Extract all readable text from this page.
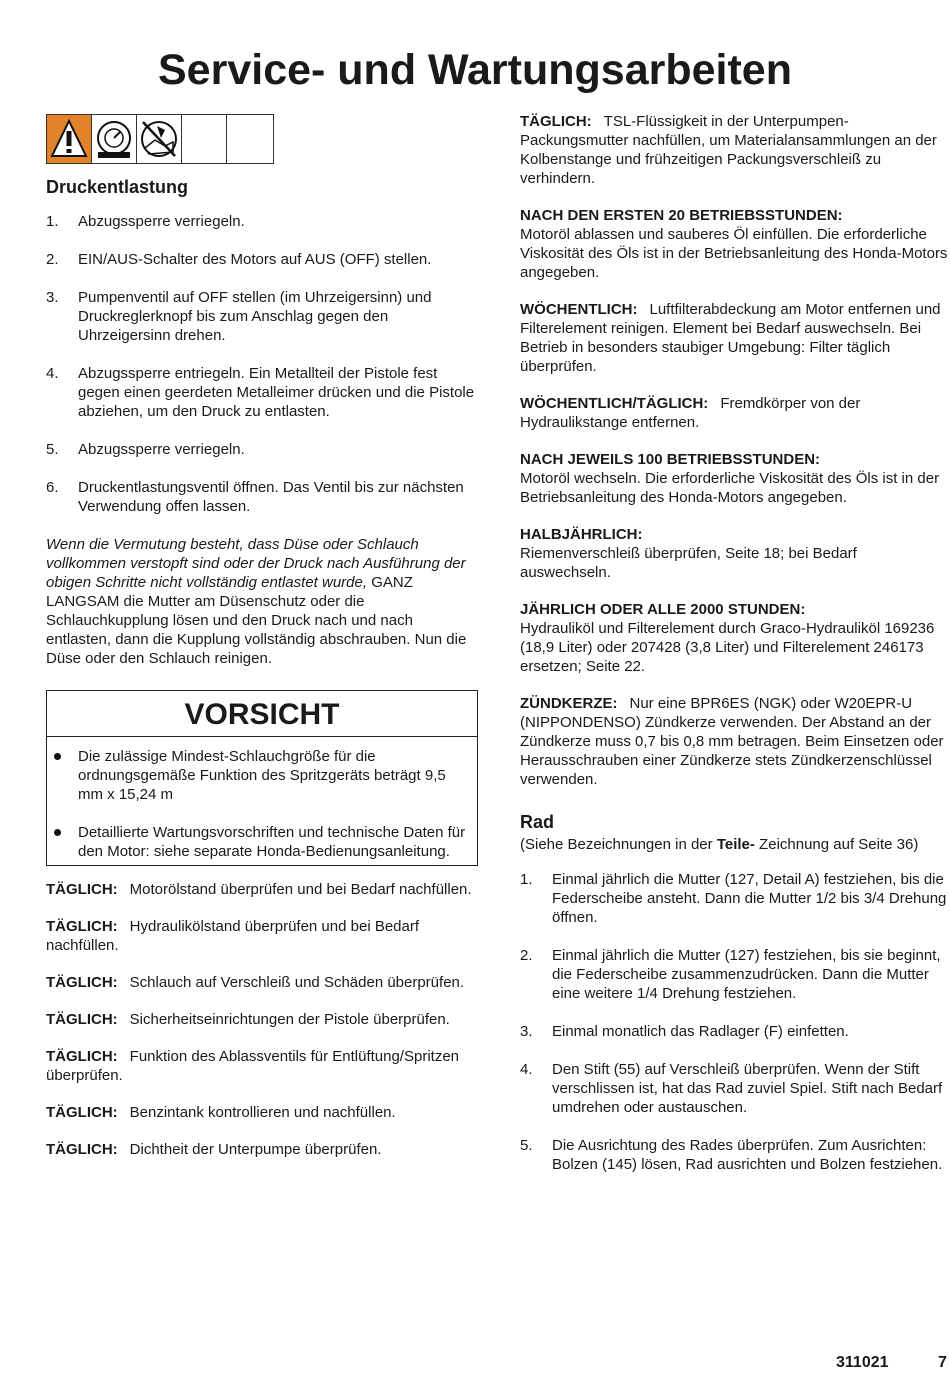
Service- und Wartungsarbeiten
Druckentlastung
1. Abzugssperre verriegeln.
2. EIN/AUS-Schalter des Motors auf AUS (OFF) stellen.
3. Pumpenventil auf OFF stellen (im Uhrzeigersinn) und Druckreglerknopf bis zum Anschlag gegen den Uhrzeigersinn drehen.
4. Abzugssperre entriegeln. Ein Metallteil der Pistole fest gegen einen geerdeten Metalleimer drücken und die Pistole abziehen, um den Druck zu entlasten.
5. Abzugssperre verriegeln.
6. Druckentlastungsventil öffnen. Das Ventil bis zur nächsten Verwendung offen lassen.

Wenn die Vermutung besteht, dass Düse oder Schlauch vollkommen verstopft sind oder der Druck nach Ausführung der obigen Schritte nicht vollständig entlastet wurde, GANZ LANGSAM die Mutter am Düsenschutz oder die Schlauchkupplung lösen und den Druck nach und nach entlasten, dann die Kupplung vollständig abschrauben. Nun die Düse oder den Schlauch reinigen.

VORSICHT
Die zulässige Mindest-Schlauchgröße für die ordnungsgemäße Funktion des Spritzgeräts beträgt 9,5 mm x 15,24 m
Detaillierte Wartungsvorschriften und technische Daten für den Motor: siehe separate Honda-Bedienungsanleitung.

TÄGLICH: Motorölstand überprüfen und bei Bedarf nachfüllen.

TÄGLICH: Hydraulikölstand überprüfen und bei Bedarf nachfüllen.

TÄGLICH: Schlauch auf Verschleiß und Schäden überprüfen.

TÄGLICH: Sicherheitseinrichtungen der Pistole überprüfen.

TÄGLICH: Funktion des Ablassventils für Entlüftung/Spritzen überprüfen.

TÄGLICH: Benzintank kontrollieren und nachfüllen.

TÄGLICH: Dichtheit der Unterpumpe überprüfen.

TÄGLICH: TSL-Flüssigkeit in der Unterpumpen-Packungsmutter nachfüllen, um Materialansammlungen an der Kolbenstange und frühzeitigen Packungsverschleiß zu verhindern.

NACH DEN ERSTEN 20 BETRIEBSSTUNDEN:
Motoröl ablassen und sauberes Öl einfüllen. Die erforderliche Viskosität des Öls ist in der Betriebsanleitung des Honda-Motors angegeben.

WÖCHENTLICH: Luftfilterabdeckung am Motor entfernen und Filterelement reinigen. Element bei Bedarf auswechseln. Bei Betrieb in besonders staubiger Umgebung: Filter täglich überprüfen.

WÖCHENTLICH/TÄGLICH: Fremdkörper von der Hydraulikstange entfernen.

NACH JEWEILS 100 BETRIEBSSTUNDEN:
Motoröl wechseln. Die erforderliche Viskosität des Öls ist in der Betriebsanleitung des Honda-Motors angegeben.

HALBJÄHRLICH:
Riemenverschleiß überprüfen, Seite 18; bei Bedarf auswechseln.

JÄHRLICH ODER ALLE 2000 STUNDEN:
Hydrauliköl und Filterelement durch Graco-Hydrauliköl 169236 (18,9 Liter) oder 207428 (3,8 Liter) und Filterelement 246173 ersetzen; Seite 22.

ZÜNDKERZE: Nur eine BPR6ES (NGK) oder W20EPR-U (NIPPONDENSO) Zündkerze verwenden. Der Abstand an der Zündkerze muss 0,7 bis 0,8 mm betragen. Beim Einsetzen oder Herausschrauben einer Zündkerze stets Zündkerzenschlüssel verwenden.

Rad

(Siehe Bezeichnungen in der Teile- Zeichnung auf Seite 36)

1. Einmal jährlich die Mutter (127, Detail A) festziehen, bis die Federscheibe ansteht. Dann die Mutter 1/2 bis 3/4 Drehung öffnen.
2. Einmal jährlich die Mutter (127) festziehen, bis sie beginnt, die Federscheibe zusammenzudrücken. Dann die Mutter eine weitere 1/4 Drehung festziehen.
3. Einmal monatlich das Radlager (F) einfetten.
4. Den Stift (55) auf Verschleiß überprüfen. Wenn der Stift verschlissen ist, hat das Rad zuviel Spiel. Stift nach Bedarf umdrehen oder austauschen.
5. Die Ausrichtung des Rades überprüfen. Zum Ausrichten: Bolzen (145) lösen, Rad ausrichten und Bolzen festziehen.
311021	7
